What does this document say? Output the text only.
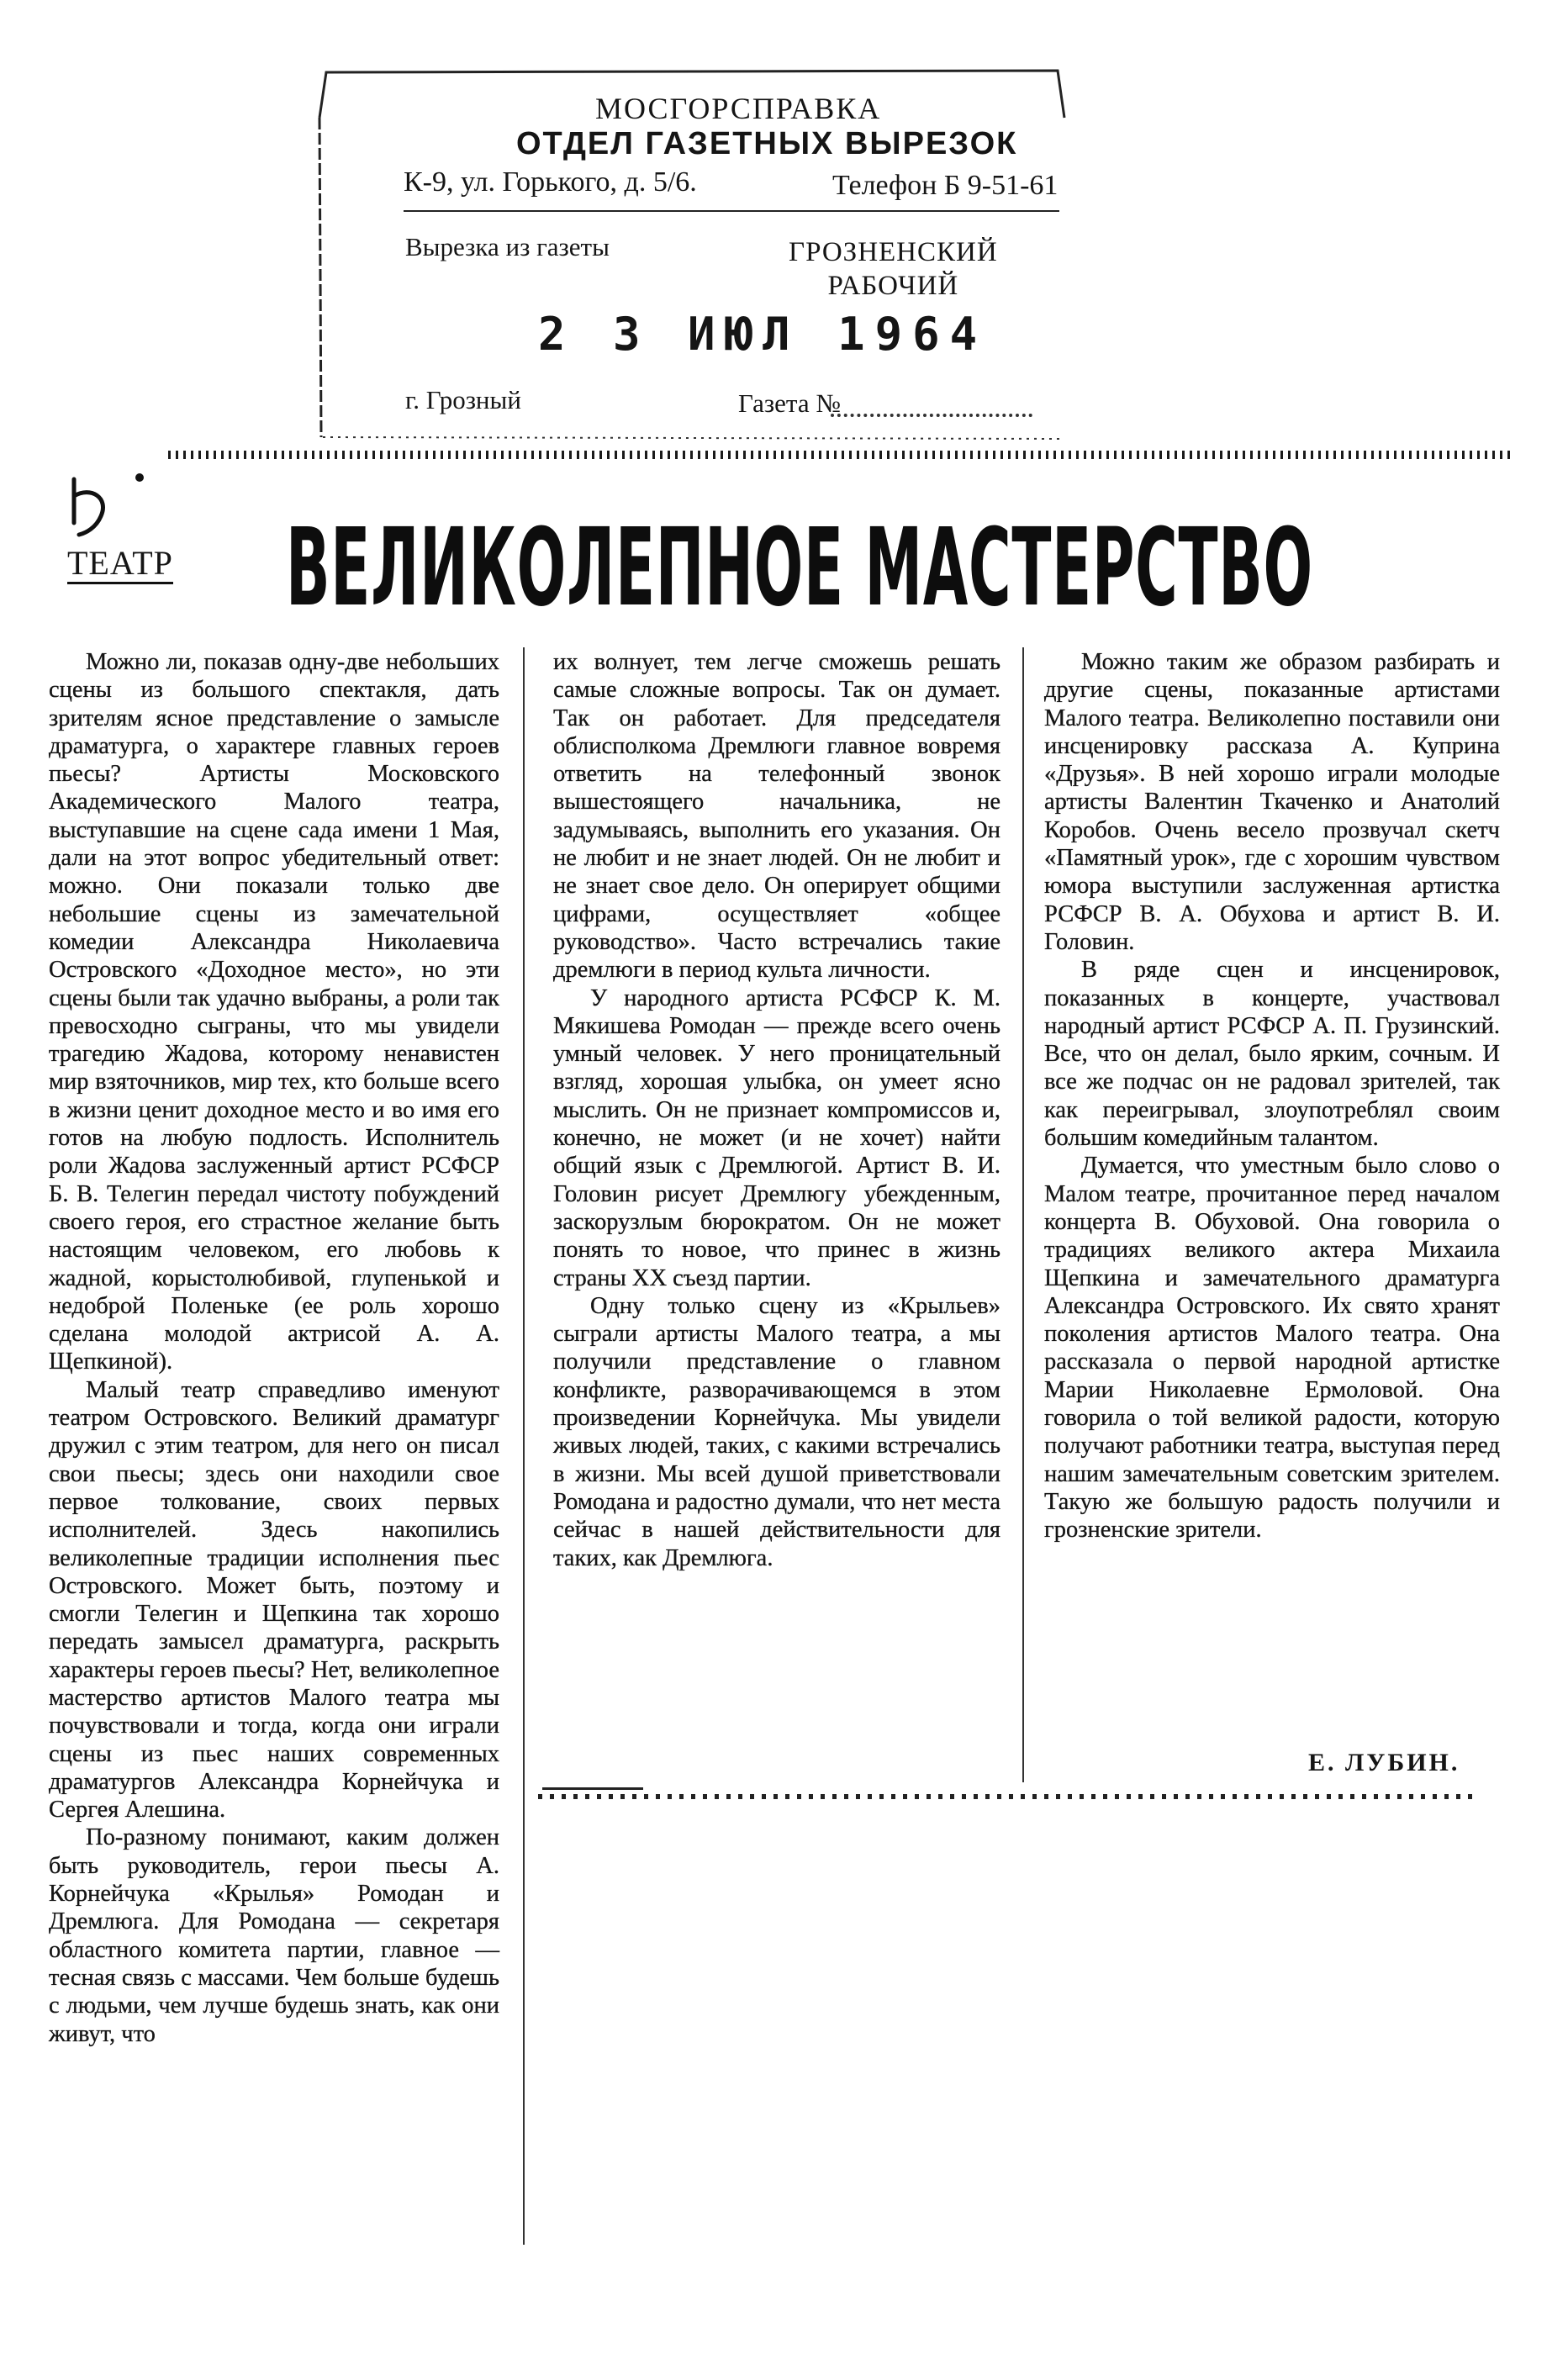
МОСГОРСПРАВКА
ОТДЕЛ ГАЗЕТНЫХ ВЫРЕЗОК
К-9, ул. Горького, д. 5/6.	Телефон Б 9-51-61
Вырезка из газеты	ГРОЗНЕНСКИЙ
РАБОЧИЙ
2 3 ИЮЛ 1964
г. Грозный	Газета №
ТЕАТР ВЕЛИКОЛЕПНОЕ МАСТЕРСТВО

Можно ли, показав одну-две небольших сцены из большого спектакля, дать зрителям ясное представление о замысле драматурга, о характере главных героев пьесы? Артисты Московского Академического Малого театра, выступавшие на сцене сада имени 1 Мая, дали на этот вопрос убедительный ответ: можно. Они показали только две небольшие сцены из замечательной комедии Александра Николаевича Островского «Доходное место», но эти сцены были так удачно выбраны, а роли так превосходно сыграны, что мы увидели трагедию Жадова, которому ненавистен мир взяточников, мир тех, кто больше всего в жизни ценит доходное место и во имя его готов на любую подлость. Исполнитель роли Жадова заслуженный артист РСФСР Б. В. Телегин передал чистоту побуждений своего героя, его страстное желание быть настоящим человеком, его любовь к жадной, корыстолюбивой, глупенькой и недоброй Поленьке (ее роль хорошо сделана молодой актрисой А. А. Щепкиной).

Малый театр справедливо именуют театром Островского. Великий драматург дружил с этим театром, для него он писал свои пьесы; здесь они находили свое первое толкование, своих первых исполнителей. Здесь накопились великолепные традиции исполнения пьес Островского. Может быть, поэтому и смогли Телегин и Щепкина так хорошо передать замысел драматурга, раскрыть характеры героев пьесы? Нет, великолепное мастерство артистов Малого театра мы почувствовали и тогда, когда они играли сцены из пьес наших современных драматургов Александра Корнейчука и Сергея Алешина.

По-разному понимают, каким должен быть руководитель, герои пьесы А. Корнейчука «Крылья» Ромодан и Дремлюга. Для Ромодана — секретаря областного комитета партии, главное — тесная связь с массами. Чем больше будешь с людьми, чем лучше будешь знать, как они живут, что

их волнует, тем легче сможешь решать самые сложные вопросы. Так он думает. Так он работает. Для председателя облисполкома Дремлюги главное вовремя ответить на телефонный звонок вышестоящего начальника, не задумываясь, выполнить его указания. Он не любит и не знает людей. Он не любит и не знает свое дело. Он оперирует общими цифрами, осуществляет «общее руководство». Часто встречались такие дремлюги в период культа личности.

У народного артиста РСФСР К. М. Мякишева Ромодан — прежде всего очень умный человек. У него проницательный взгляд, хорошая улыбка, он умеет ясно мыслить. Он не признает компромиссов и, конечно, не может (и не хочет) найти общий язык с Дремлюгой. Артист В. И. Головин рисует Дремлюгу убежденным, заскорузлым бюрократом. Он не может понять то новое, что принес в жизнь страны XX съезд партии.

Одну только сцену из «Крыльев» сыграли артисты Малого театра, а мы получили представление о главном конфликте, разворачивающемся в этом произведении Корнейчука. Мы увидели живых людей, таких, с какими встречались в жизни. Мы всей душой приветствовали Ромодана и радостно думали, что нет места сейчас в нашей действительности для таких, как Дремлюга.

Можно таким же образом разбирать и другие сцены, показанные артистами Малого театра. Великолепно поставили они инсценировку рассказа А. Куприна «Друзья». В ней хорошо играли молодые артисты Валентин Ткаченко и Анатолий Коробов. Очень весело прозвучал скетч «Памятный урок», где с хорошим чувством юмора выступили заслуженная артистка РСФСР В. А. Обухова и артист В. И. Головин.

В ряде сцен и инсценировок, показанных в концерте, участвовал народный артист РСФСР А. П. Грузинский. Все, что он делал, было ярким, сочным. И все же подчас он не радовал зрителей, так как переигрывал, злоупотреблял своим большим комедийным талантом.

Думается, что уместным было слово о Малом театре, прочитанное перед началом концерта В. Обуховой. Она говорила о традициях великого актера Михаила Щепкина и замечательного драматурга Александра Островского. Их свято хранят поколения артистов Малого театра. Она рассказала о первой народной артистке Марии Николаевне Ермоловой. Она говорила о той великой радости, которую получают работники театра, выступая перед нашим замечательным советским зрителем. Такую же большую радость получили и грозненские зрители.

Е. ЛУБИН.
